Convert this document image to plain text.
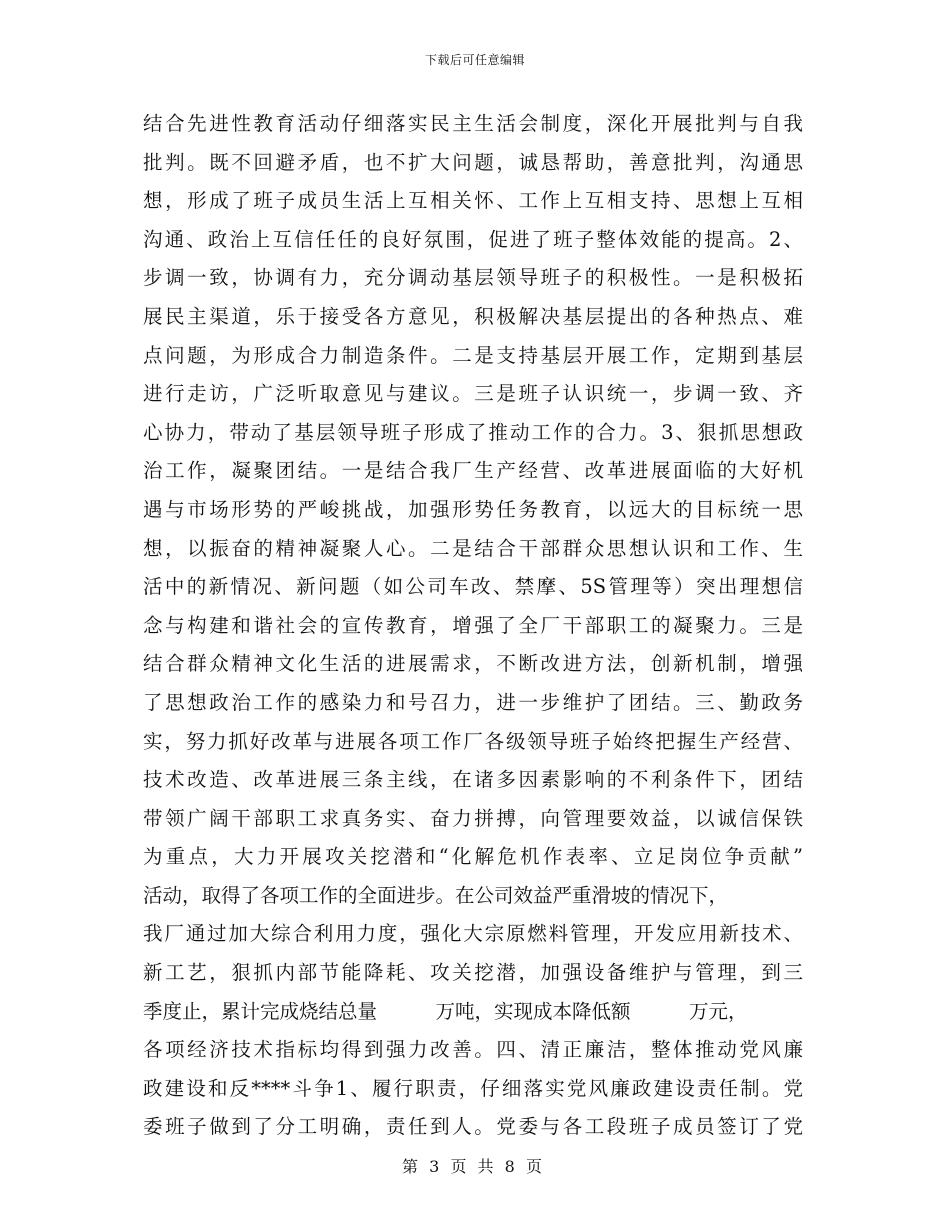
下载后可任意编辑
结合先进性教育活动仔细落实民主生活会制度，深化开展批判与自我
批判。既不回避矛盾，也不扩大问题，诚恳帮助，善意批判，沟通思
想，形成了班子成员生活上互相关怀、工作上互相支持、思想上互相
沟通、政治上互信任任的良好氛围，促进了班子整体效能的提高。2、
步调一致，协调有力，充分调动基层领导班子的积极性。一是积极拓
展民主渠道，乐于接受各方意见，积极解决基层提出的各种热点、难
点问题，为形成合力制造条件。二是支持基层开展工作，定期到基层
进行走访，广泛听取意见与建议。三是班子认识统一，步调一致、齐
心协力，带动了基层领导班子形成了推动工作的合力。3、狠抓思想政
治工作，凝聚团结。一是结合我厂生产经营、改革进展面临的大好机
遇与市场形势的严峻挑战，加强形势任务教育，以远大的目标统一思
想，以振奋的精神凝聚人心。二是结合干部群众思想认识和工作、生
活中的新情况、新问题（如公司车改、禁摩、5S管理等）突出理想信
念与构建和谐社会的宣传教育，增强了全厂干部职工的凝聚力。三是
结合群众精神文化生活的进展需求，不断改进方法，创新机制，增强
了思想政治工作的感染力和号召力，进一步维护了团结。三、勤政务
实，努力抓好改革与进展各项工作厂各级领导班子始终把握生产经营、
技术改造、改革进展三条主线，在诸多因素影响的不利条件下，团结
带领广阔干部职工求真务实、奋力拼搏，向管理要效益，以诚信保铁
为重点，大力开展攻关挖潜和“化解危机作表率、立足岗位争贡献”
活动，取得了各项工作的全面进步。在公司效益严重滑坡的情况下，
我厂通过加大综合利用力度，强化大宗原燃料管理，开发应用新技术、
新工艺，狠抓内部节能降耗、攻关挖潜，加强设备维护与管理，到三
季度止，累计完成烧结总量　　　万吨，实现成本降低额　　　万元，
各项经济技术指标均得到强力改善。四、清正廉洁，整体推动党风廉
政建设和反****斗争1、履行职责，仔细落实党风廉政建设责任制。党
委班子做到了分工明确，责任到人。党委与各工段班子成员签订了党
第 3 页 共 8 页
